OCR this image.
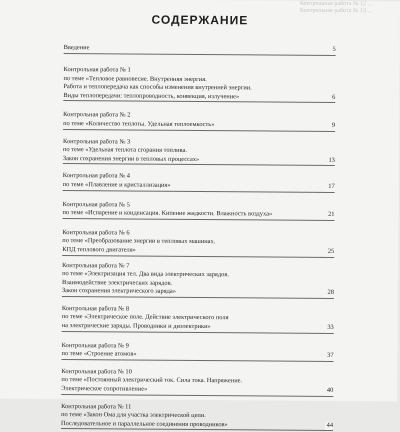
Контрольная работа № 12 ... Контрольная работа № 13 ...
СОДЕРЖАНИЕ
Введение	5
Контрольная работа № 1
по теме «Тепловое равновесие. Внутренняя энергия.
Работа и теплопередача как способы изменения внутренней энергии.
Виды теплопередачи: теплопроводность, конвекция, излучение»	6
Контрольная работа № 2
по теме «Количество теплоты. Удельная теплоемкость»	9
Контрольная работа № 3
по теме «Удельная теплота сгорания топлива.
Закон сохранения энергии в тепловых процессах»	13
Контрольная работа № 4
по теме «Плавление и кристаллизация»	17
Контрольная работа № 5
по теме «Испарение и конденсация. Кипение жидкости. Влажность воздуха»	21
Контрольная работа № 6
по теме «Преобразование энергии в тепловых машинах.
КПД теплового двигателя»	25
Контрольная работа № 7
по теме «Электризация тел. Два вида электрических зарядов.
Взаимодействие электрических зарядов.
Закон сохранения электрического заряда»	28
Контрольная работа № 8
по теме «Электрическое поле. Действие электрического поля
на электрические заряды. Проводники и диэлектрики»	33
Контрольная работа № 9
по теме «Строение атомов»	37
Контрольная работа № 10
по теме «Постоянный электрический ток. Сила тока. Напряжение.
Электрическое сопротивление»	40
Контрольная работа № 11
по теме «Закон Ома для участка электрической цепи.
Последовательное и параллельное соединения проводников»	44
